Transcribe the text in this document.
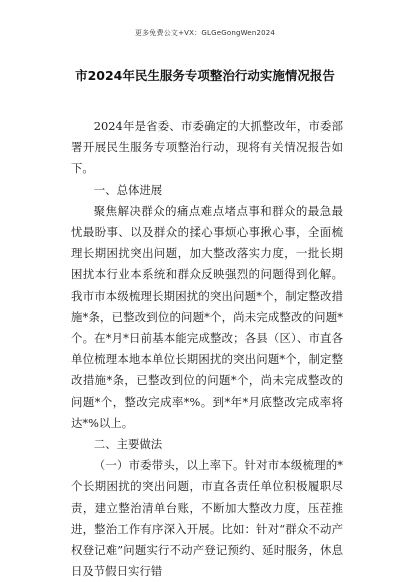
更多免费公文+VX：GLGeGongWen2024
市2024年民生服务专项整治行动实施情况报告

2024年是省委、市委确定的大抓整改年，市委部署开展民生服务专项整治行动，现将有关情况报告如下。

一、总体进展

聚焦解决群众的痛点难点堵点事和群众的最急最忧最盼事、以及群众的揉心事烦心事揪心事，全面梳理长期困扰突出问题，加大整改落实力度，一批长期困扰本行业本系统和群众反映强烈的问题得到化解。我市市本级梳理长期困扰的突出问题*个，制定整改措施*条，已整改到位的问题*个，尚未完成整改的问题*个。在*月*日前基本能完成整改；各县（区）、市直各单位梳理本地本单位长期困扰的突出问题*个，制定整改措施*条，已整改到位的问题*个，尚未完成整改的问题*个，整改完成率*%。到*年*月底整改完成率将达*%以上。

二、主要做法

（一）市委带头，以上率下。针对市本级梳理的*个长期困扰的突出问题，市直各责任单位积极履职尽责，建立整治清单台账，不断加大整改力度，压茬推进，整治工作有序深入开展。比如：针对“群众不动产权登记难”问题实行不动产登记预约、延时服务，休息日及节假日实行错
